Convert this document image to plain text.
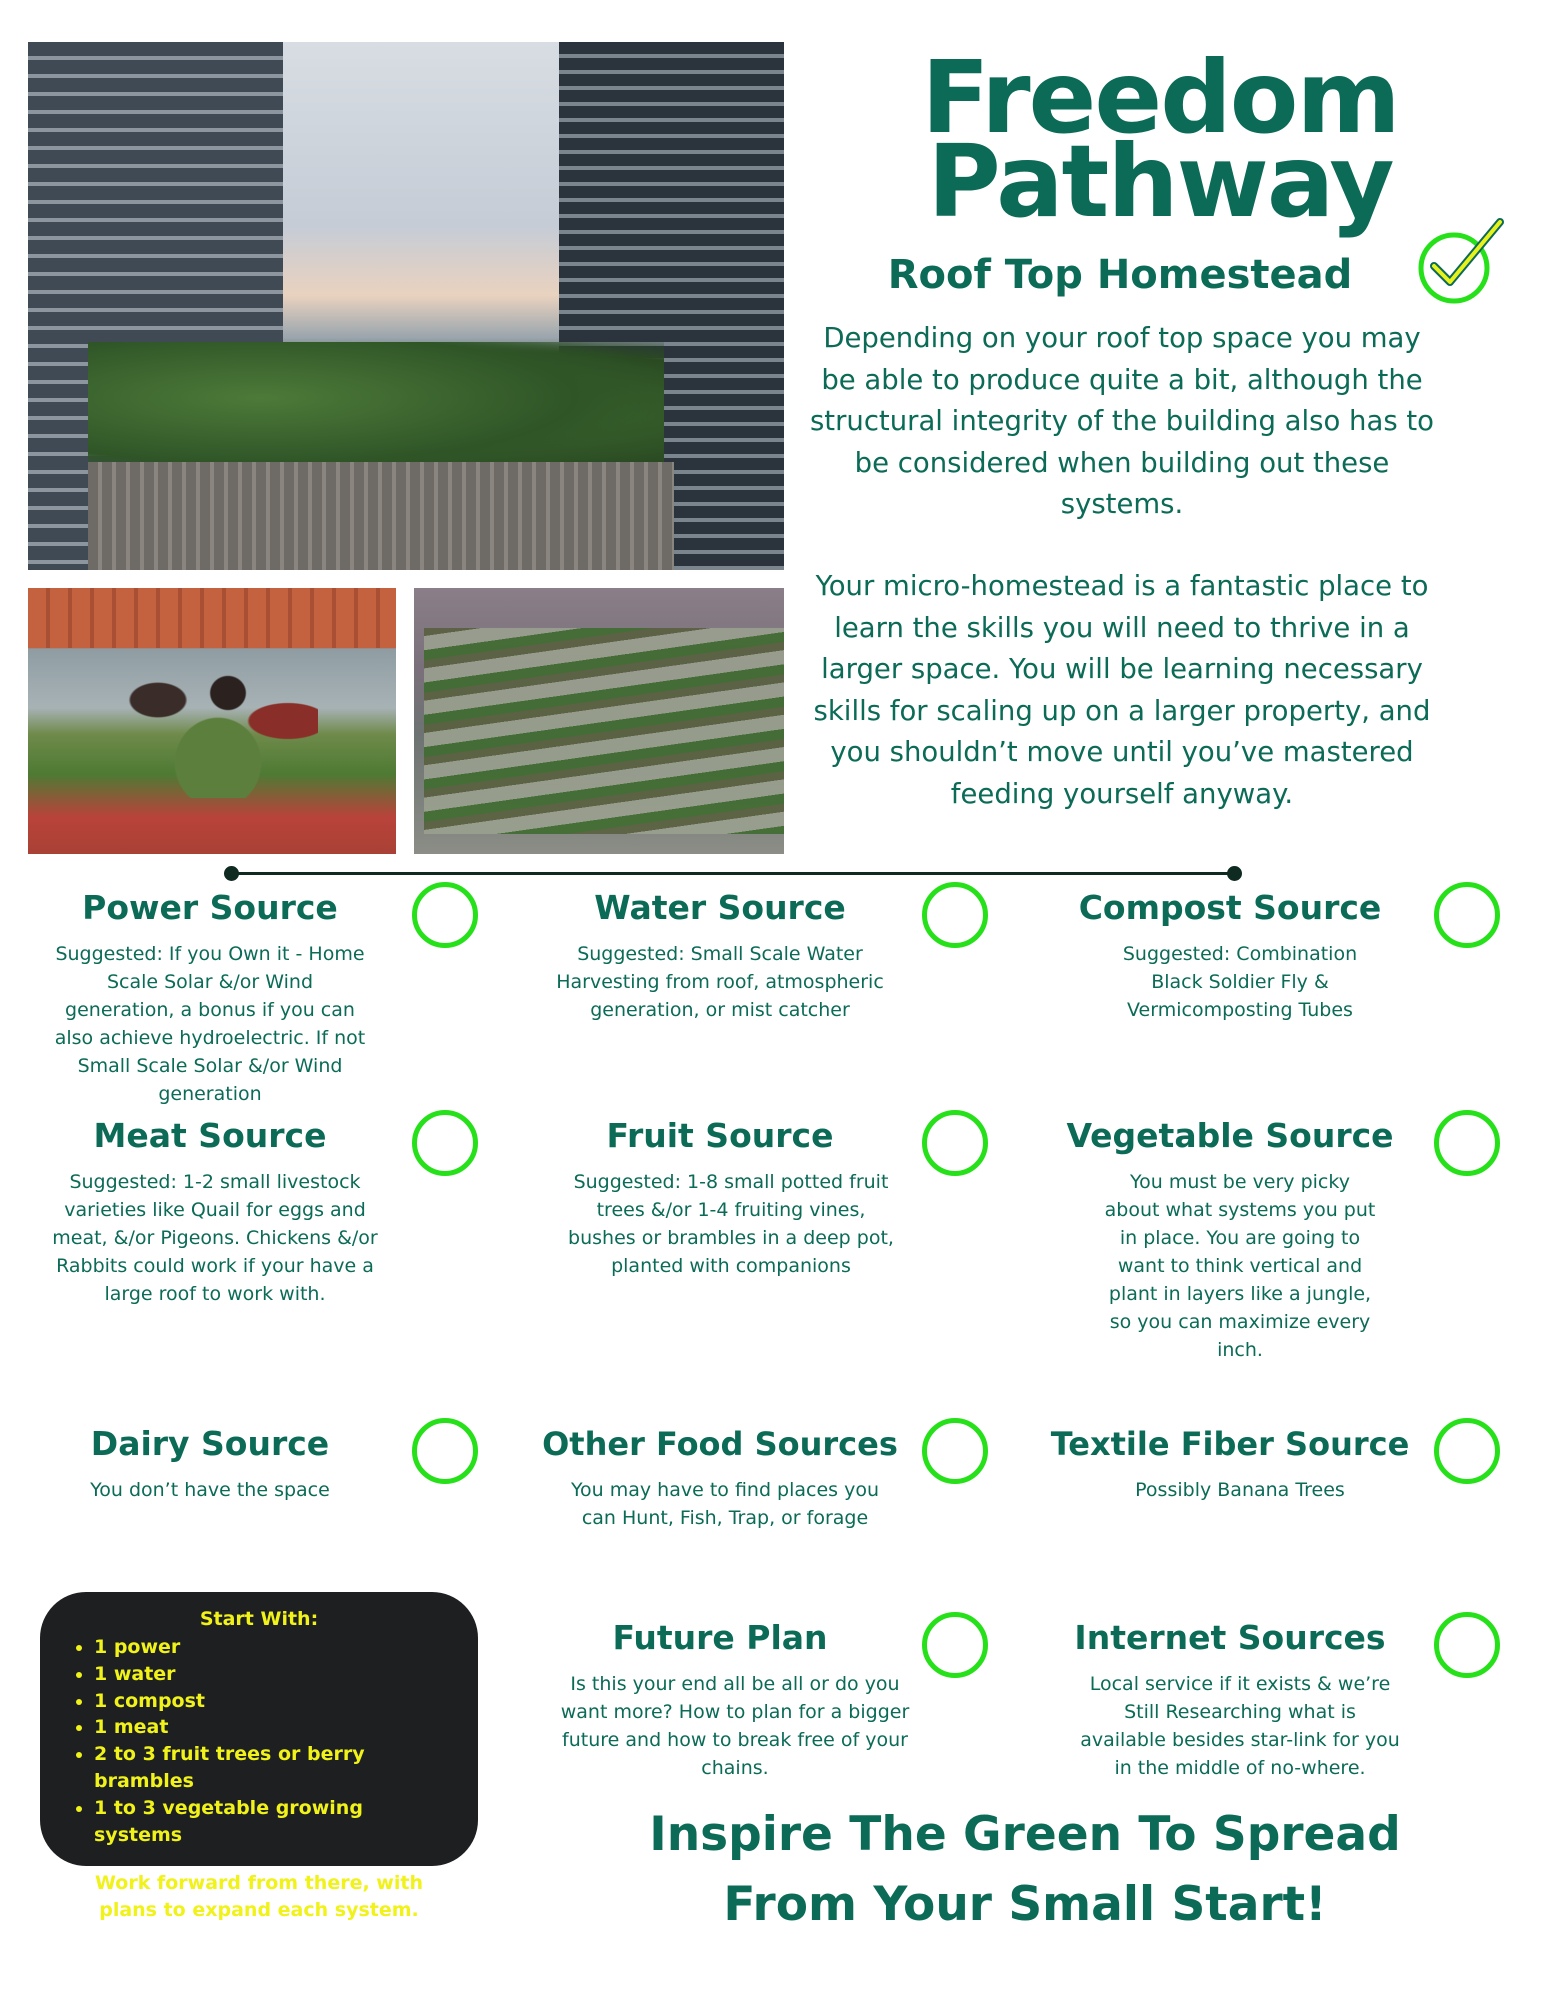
Freedom
Pathway
Roof Top Homestead

Depending on your roof top space you may be able to produce quite a bit, although the structural integrity of the building also has to be considered when building out these systems.

Your micro-homestead is a fantastic place to learn the skills you will need to thrive in a larger space. You will be learning necessary skills for scaling up on a larger property, and you shouldn’t move until you’ve mastered feeding yourself anyway.

Power Source

Suggested: If you Own it - Home Scale Solar &/or Wind generation, a bonus if you can also achieve hydroelectric. If not Small Scale Solar &/or Wind generation

Water Source

Suggested: Small Scale Water Harvesting from roof, atmospheric generation, or mist catcher

Compost Source

Suggested: Combination Black Soldier Fly & Vermicomposting Tubes

Meat Source

Suggested: 1-2 small livestock varieties like Quail for eggs and meat, &/or Pigeons. Chickens &/or Rabbits could work if your have a large roof to work with.

Fruit Source

Suggested: 1-8 small potted fruit trees &/or 1-4 fruiting vines, bushes or brambles in a deep pot, planted with companions

Vegetable Source

You must be very picky about what systems you put in place. You are going to want to think vertical and plant in layers like a jungle, so you can maximize every inch.

Dairy Source

You don’t have the space

Other Food Sources

You may have to find places you can Hunt, Fish, Trap, or forage

Textile Fiber Source

Possibly Banana Trees

Future Plan

Is this your end all be all or do you want more? How to plan for a bigger future and how to break free of your chains.

Internet Sources

Local service if it exists & we’re Still Researching what is available besides star-link for you in the middle of no-where.

Start With:
• 1 power
• 1 water
• 1 compost
• 1 meat
• 2 to 3 fruit trees or berry brambles
• 1 to 3 vegetable growing systems
Work forward from there, with plans to expand each system.
Inspire The Green To Spread
From Your Small Start!
